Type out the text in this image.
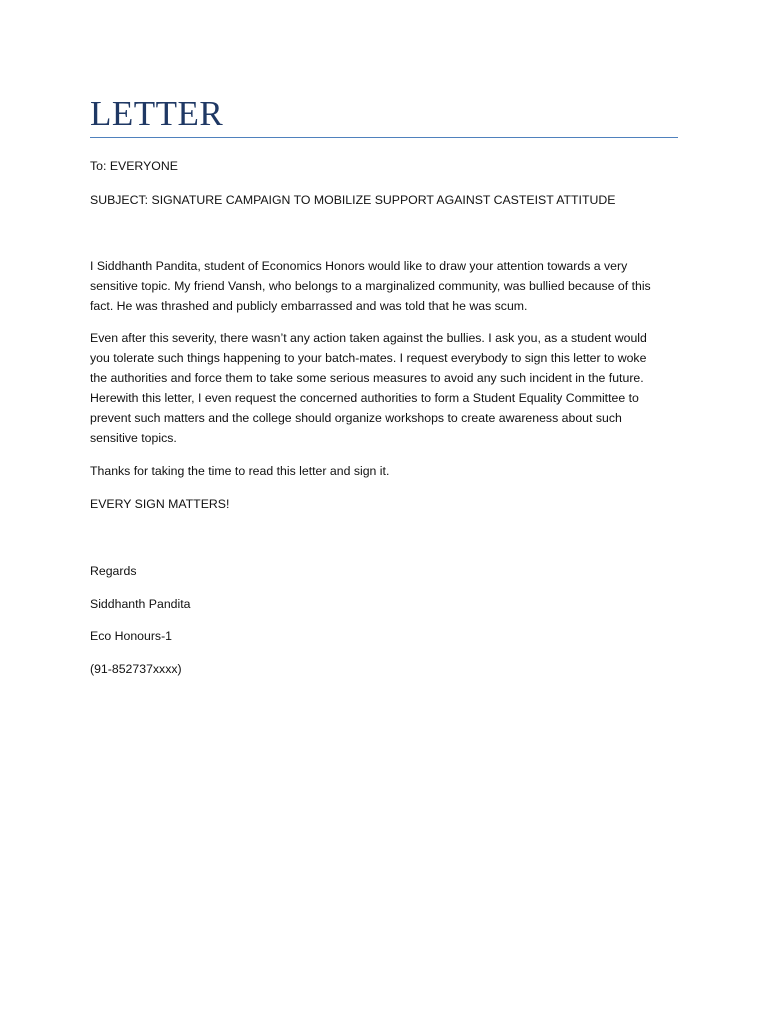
LETTER

To: EVERYONE

SUBJECT: SIGNATURE CAMPAIGN TO MOBILIZE SUPPORT AGAINST CASTEIST ATTITUDE

I Siddhanth Pandita, student of Economics Honors would like to draw your attention towards a very
sensitive topic. My friend Vansh, who belongs to a marginalized community, was bullied because of this
fact. He was thrashed and publicly embarrassed and was told that he was scum.

Even after this severity, there wasn’t any action taken against the bullies. I ask you, as a student would
you tolerate such things happening to your batch-mates. I request everybody to sign this letter to woke
the authorities and force them to take some serious measures to avoid any such incident in the future.
Herewith this letter, I even request the concerned authorities to form a Student Equality Committee to
prevent such matters and the college should organize workshops to create awareness about such
sensitive topics.

Thanks for taking the time to read this letter and sign it.

EVERY SIGN MATTERS!

Regards

Siddhanth Pandita

Eco Honours-1

(91-852737xxxx)
